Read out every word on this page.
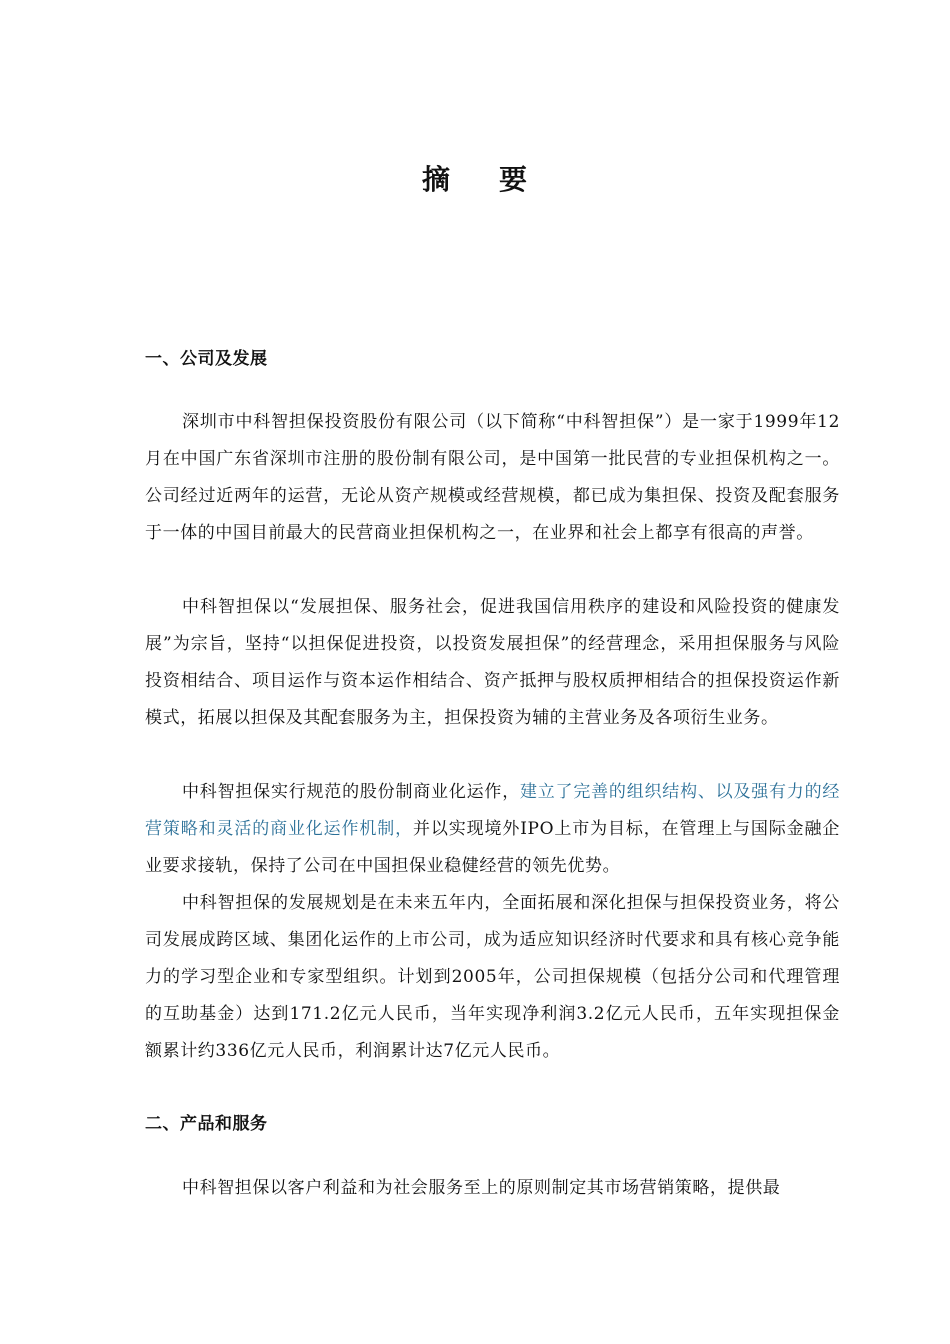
摘 要
一、公司及发展
深圳市中科智担保投资股份有限公司（以下简称“中科智担保”）是一家于1999年12月在中国广东省深圳市注册的股份制有限公司，是中国第一批民营的专业担保机构之一。公司经过近两年的运营，无论从资产规模或经营规模，都已成为集担保、投资及配套服务于一体的中国目前最大的民营商业担保机构之一，在业界和社会上都享有很高的声誉。
中科智担保以“发展担保、服务社会，促进我国信用秩序的建设和风险投资的健康发展”为宗旨，坚持“以担保促进投资，以投资发展担保”的经营理念，采用担保服务与风险投资相结合、项目运作与资本运作相结合、资产抵押与股权质押相结合的担保投资运作新模式，拓展以担保及其配套服务为主，担保投资为辅的主营业务及各项衍生业务。
中科智担保实行规范的股份制商业化运作，建立了完善的组织结构、以及强有力的经营策略和灵活的商业化运作机制，并以实现境外IPO上市为目标，在管理上与国际金融企业要求接轨，保持了公司在中国担保业稳健经营的领先优势。
中科智担保的发展规划是在未来五年内，全面拓展和深化担保与担保投资业务，将公司发展成跨区域、集团化运作的上市公司，成为适应知识经济时代要求和具有核心竞争能力的学习型企业和专家型组织。计划到2005年，公司担保规模（包括分公司和代理管理的互助基金）达到171.2亿元人民币，当年实现净利润3.2亿元人民币，五年实现担保金额累计约336亿元人民币，利润累计达7亿元人民币。
二、产品和服务
中科智担保以客户利益和为社会服务至上的原则制定其市场营销策略，提供最
